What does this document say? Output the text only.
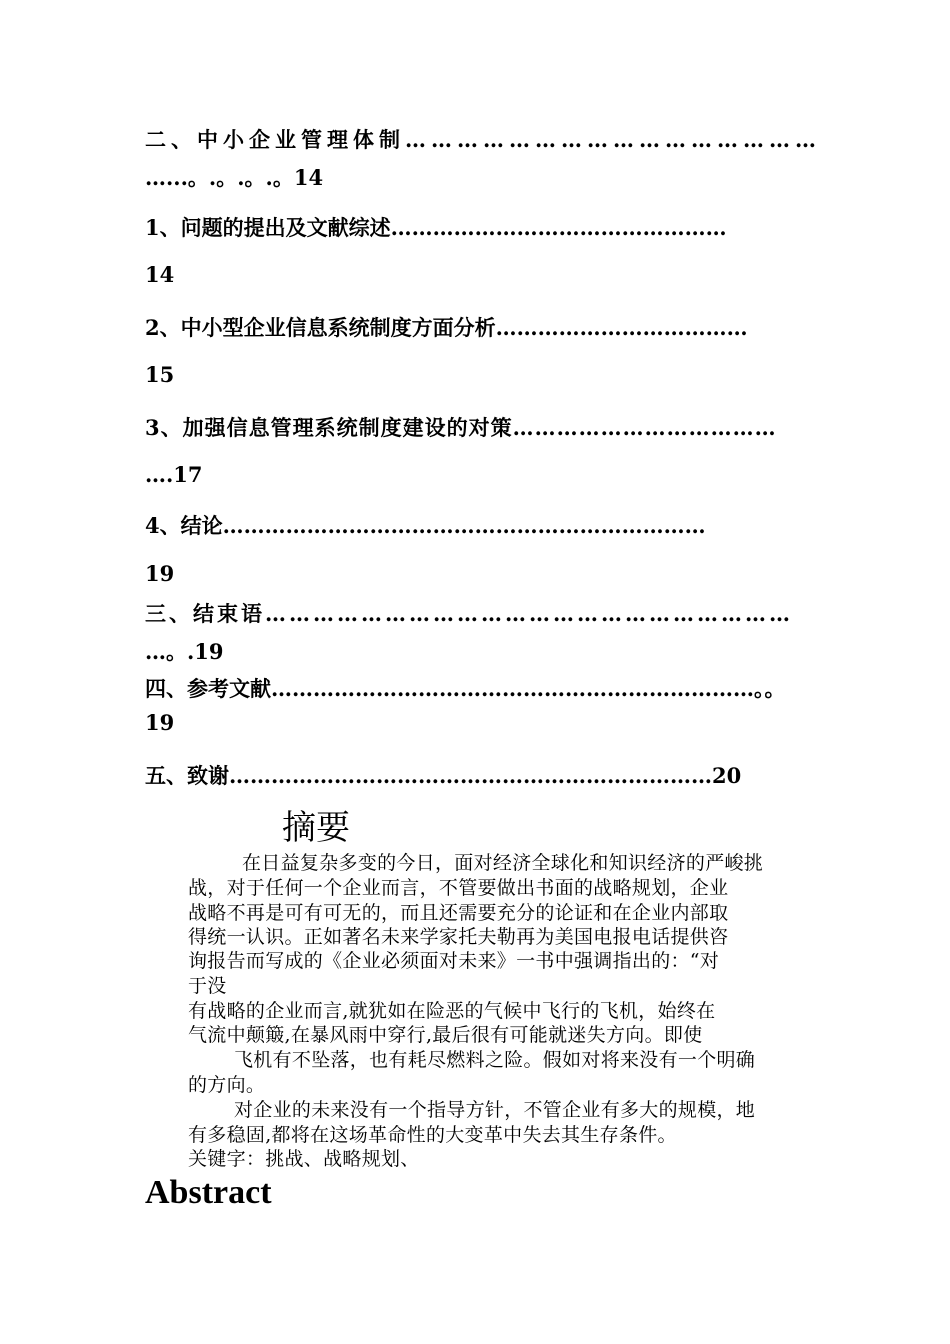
二、中小企业管理体制…………………………………………

…...。.。.。.。14

1、问题的提出及文献综述…………………………………………

14

2、中小型企业信息系统制度方面分析………………………………

15

3、加强信息管理系统制度建设的对策………………………………

….17

4、结论……………………………………………………………

19

三、结束语…………………………………………………………

…。.19

四、参考文献……………………………………………………………。。

19

五、致谢……………………………………………………………20

摘要

在日益复杂多变的今日，面对经济全球化和知识经济的严峻挑

战，对于任何一个企业而言，不管要做出书面的战略规划，企业

战略不再是可有可无的，而且还需要充分的论证和在企业内部取

得统一认识。正如著名未来学家托夫勒再为美国电报电话提供咨

询报告而写成的《企业必须面对未来》一书中强调指出的：“对

于没

有战略的企业而言,就犹如在险恶的气候中飞行的飞机，始终在

气流中颠簸,在暴风雨中穿行,最后很有可能就迷失方向。即使

飞机有不坠落，也有耗尽燃料之险。假如对将来没有一个明确

的方向。

对企业的未来没有一个指导方针，不管企业有多大的规模，地

有多稳固,都将在这场革命性的大变革中失去其生存条件。

关键字：挑战、战略规划、

Abstract
